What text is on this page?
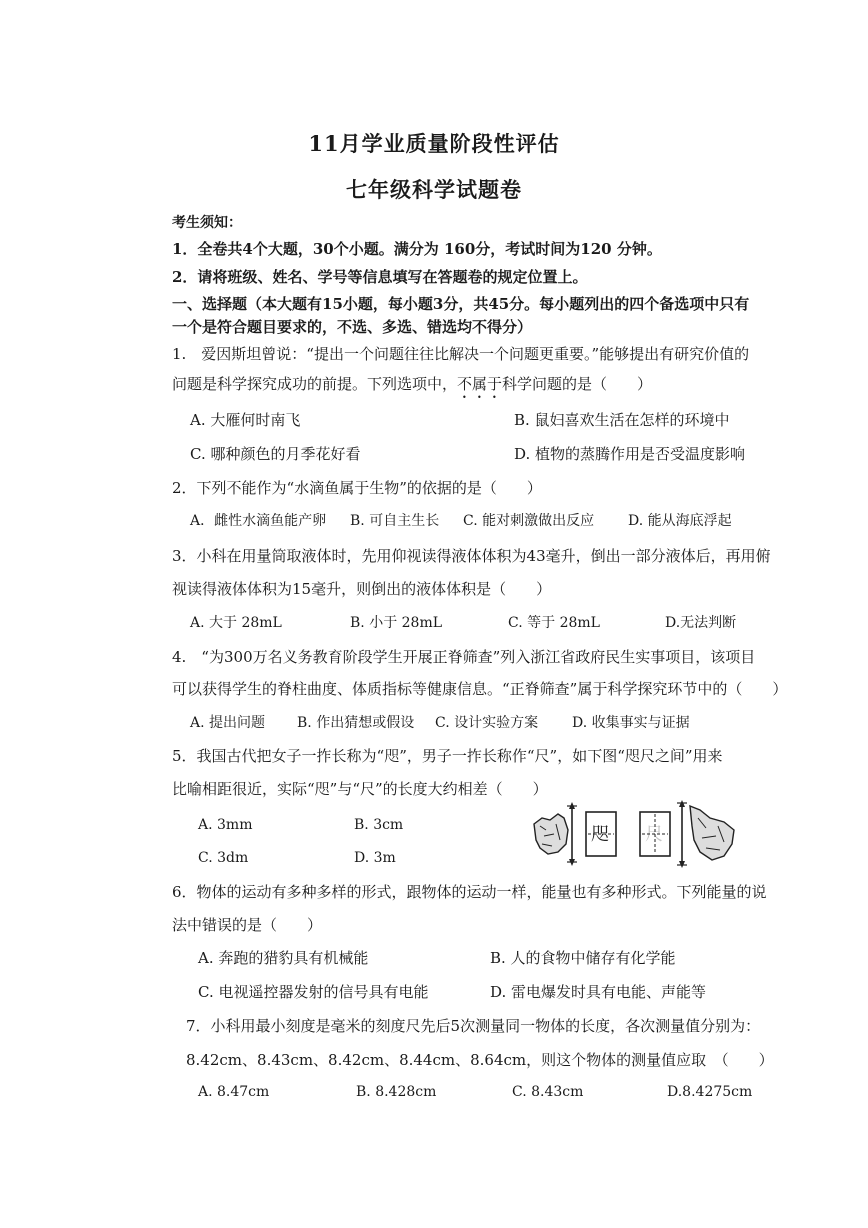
11月学业质量阶段性评估
七年级科学试题卷
考生须知：
1．全卷共4个大题，30个小题。满分为 160分，考试时间为120 分钟。
2．请将班级、姓名、学号等信息填写在答题卷的规定位置上。
一、选择题（本大题有15小题，每小题3分，共45分。每小题列出的四个备选项中只有
一个是符合题目要求的，不选、多选、错选均不得分）
1.　爱因斯坦曾说：“提出一个问题往往比解决一个问题更重要。”能够提出有研究价值的
问题是科学探究成功的前提。下列选项中，不属于科学问题的是（　　）
A. 大雁何时南飞	B. 鼠妇喜欢生活在怎样的环境中
C. 哪种颜色的月季花好看	D. 植物的蒸腾作用是否受温度影响
2．下列不能作为“水滴鱼属于生物”的依据的是（　　）
A．雌性水滴鱼能产卵 B. 可自主生长 C. 能对刺激做出反应 D. 能从海底浮起
3．小科在用量筒取液体时，先用仰视读得液体体积为43毫升，倒出一部分液体后，再用俯
视读得液体体积为15毫升，则倒出的液体体积是（　　）
A. 大于 28mL	B. 小于 28mL	C. 等于 28mL	D.无法判断
4.　“为300万名义务教育阶段学生开展正脊筛查”列入浙江省政府民生实事项目，该项目
可以获得学生的脊柱曲度、体质指标等健康信息。“正脊筛查”属于科学探究环节中的（　　）
A. 提出问题 B. 作出猜想或假设 C. 设计实验方案 D. 收集事实与证据
5．我国古代把女子一拃长称为“咫”，男子一拃长称作“尺”，如下图“咫尺之间”用来
比喻相距很近，实际“咫”与“尺”的长度大约相差（　　）
A. 3mm	B. 3cm
C. 3dm	D. 3m
咫 尺
6．物体的运动有多种多样的形式，跟物体的运动一样，能量也有多种形式。下列能量的说
法中错误的是（　　）
A. 奔跑的猎豹具有机械能	B. 人的食物中储存有化学能
C. 电视遥控器发射的信号具有电能	D. 雷电爆发时具有电能、声能等
7．小科用最小刻度是毫米的刻度尺先后5次测量同一物体的长度，各次测量值分别为：
8.42cm、8.43cm、8.42cm、8.44cm、8.64cm，则这个物体的测量值应取　（　　）
A. 8.47cm	B. 8.428cm	C. 8.43cm	D.8.4275cm
